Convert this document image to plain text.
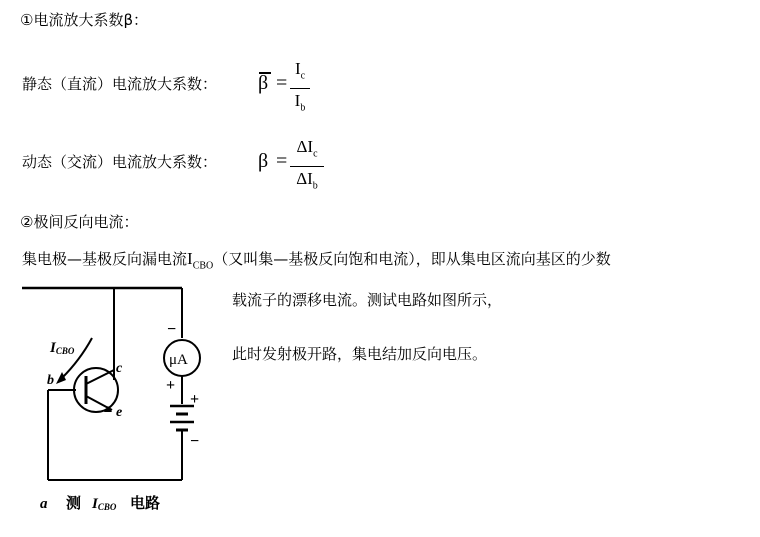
①电流放大系数β：
静态（直流）电流放大系数： β =
$I_c$
$I_b$
动态（交流）电流放大系数： β =
$\Delta I_c$
$\Delta I_b$
②极间反向电流：
集电极—基极反向漏电流$I_{CBO}$（又叫集—基极反向饱和电流），即从集电区流向基区的少数
载流子的漂移电流。测试电路如图所示，
此时发射极开路，集电结加反向电压。
ICBO
b
c
e
μA
−
+
+
−
a 测 ICBO 电路
